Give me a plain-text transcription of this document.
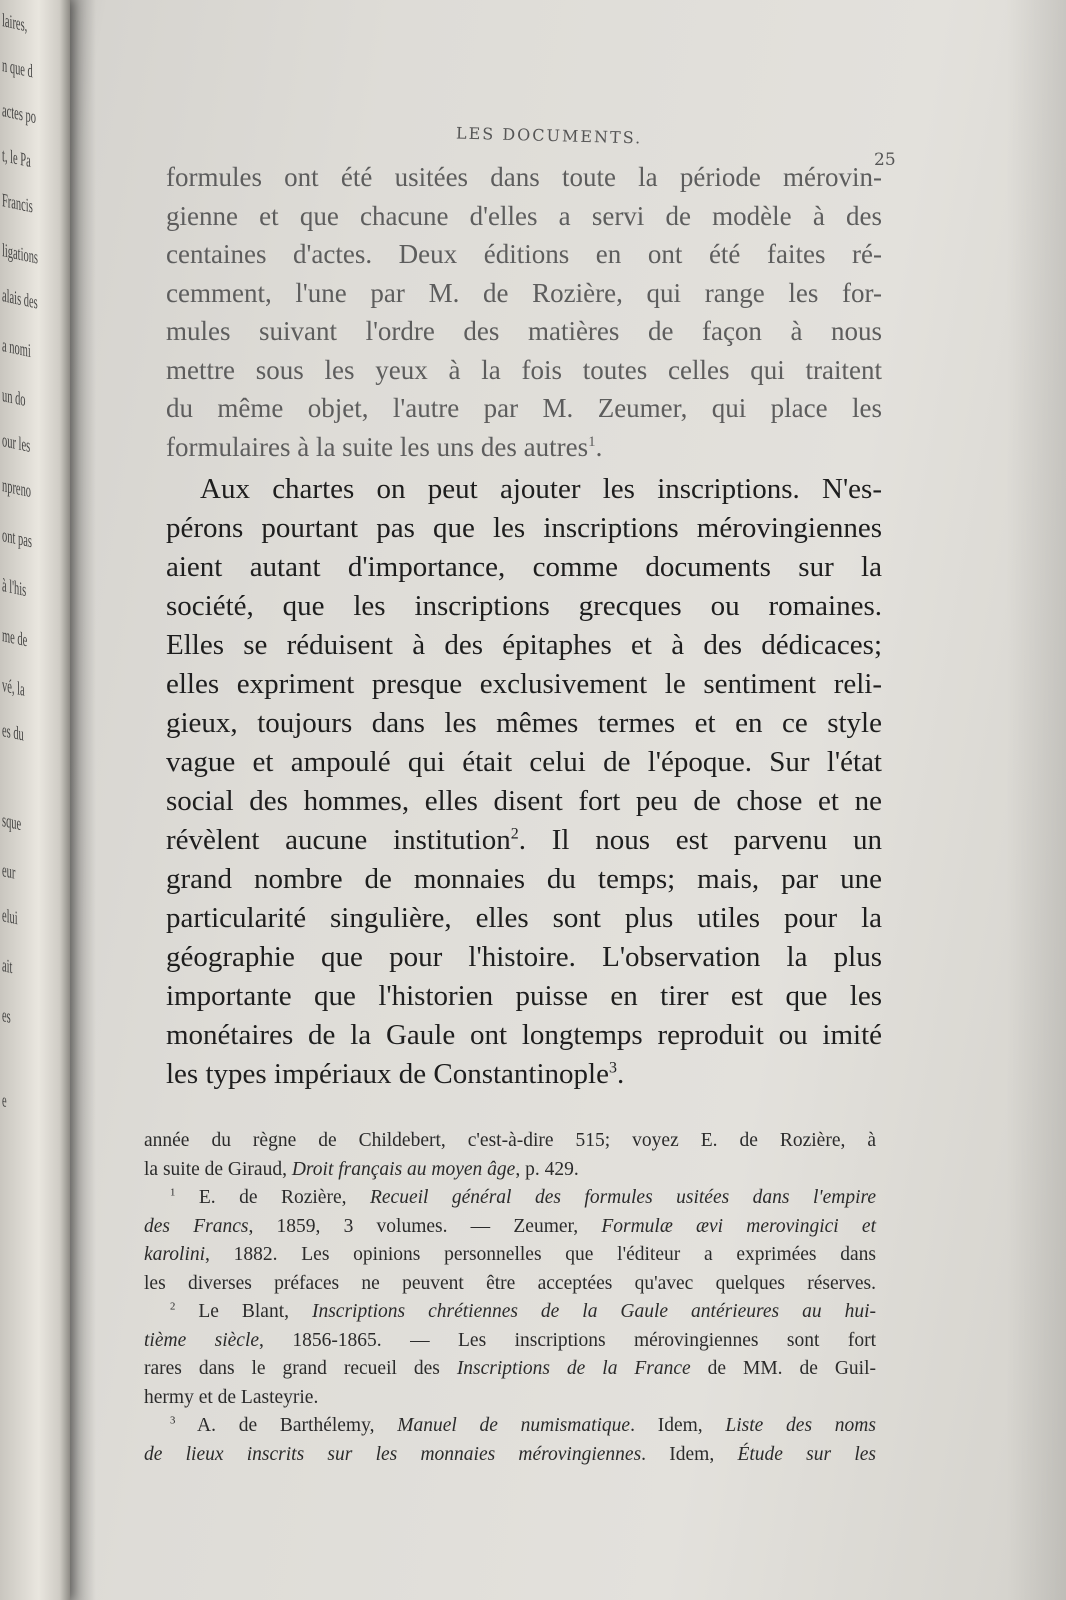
laires,
n que d
actes po
t, le Pa
Francis
ligations
alais des
a nomi
un do
our les
npreno
ont pas
à l'his
me de
vé, la
es du
sque
eur
elui
ait
es
e
LES DOCUMENTS.
25
formules ont été usitées dans toute la période mérovin-
gienne et que chacune d'elles a servi de modèle à des
centaines d'actes. Deux éditions en ont été faites ré-
cemment, l'une par M. de Rozière, qui range les for-
mules suivant l'ordre des matières de façon à nous
mettre sous les yeux à la fois toutes celles qui traitent
du même objet, l'autre par M. Zeumer, qui place les
formulaires à la suite les uns des autres$^1$.
Aux chartes on peut ajouter les inscriptions. N'es-
pérons pourtant pas que les inscriptions mérovingiennes
aient autant d'importance, comme documents sur la
société, que les inscriptions grecques ou romaines.
Elles se réduisent à des épitaphes et à des dédicaces;
elles expriment presque exclusivement le sentiment reli-
gieux, toujours dans les mêmes termes et en ce style
vague et ampoulé qui était celui de l'époque. Sur l'état
social des hommes, elles disent fort peu de chose et ne
révèlent aucune institution$^2$. Il nous est parvenu un
grand nombre de monnaies du temps; mais, par une
particularité singulière, elles sont plus utiles pour la
géographie que pour l'histoire. L'observation la plus
importante que l'historien puisse en tirer est que les
monétaires de la Gaule ont longtemps reproduit ou imité
les types impériaux de Constantinople$^3$.
année du règne de Childebert, c'est-à-dire 515; voyez E. de Rozière, à
la suite de Giraud, Droit français au moyen âge, p. 429.
$^1$ E. de Rozière, Recueil général des formules usitées dans l'empire
des Francs, 1859, 3 volumes. — Zeumer, Formulæ ævi merovingici et
karolini, 1882. Les opinions personnelles que l'éditeur a exprimées dans
les diverses préfaces ne peuvent être acceptées qu'avec quelques réserves.
$^2$ Le Blant, Inscriptions chrétiennes de la Gaule antérieures au hui-
tième siècle, 1856-1865. — Les inscriptions mérovingiennes sont fort
rares dans le grand recueil des Inscriptions de la France de MM. de Guil-
hermy et de Lasteyrie.
$^3$ A. de Barthélemy, Manuel de numismatique. Idem, Liste des noms
de lieux inscrits sur les monnaies mérovingiennes. Idem, Étude sur les
